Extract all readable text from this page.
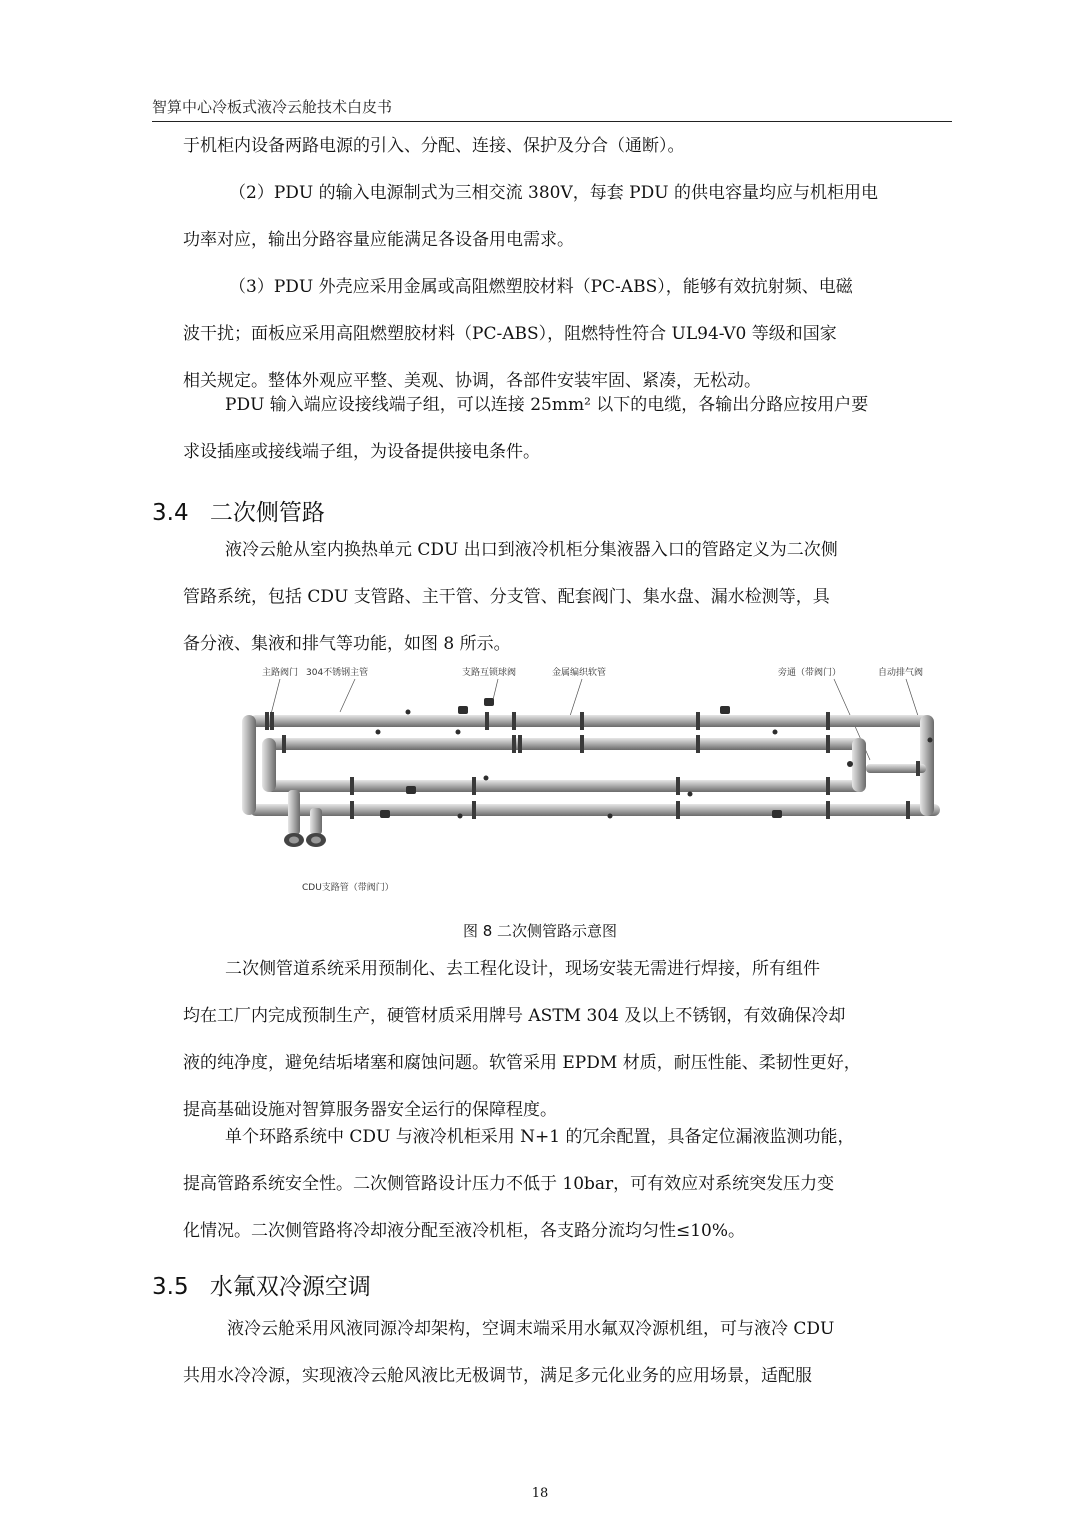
智算中心冷板式液冷云舱技术白皮书

于机柜内设备两路电源的引入、分配、连接、保护及分合（通断）。

（2）PDU 的输入电源制式为三相交流 380V，每套 PDU 的供电容量均应与机柜用电
功率对应，输出分路容量应能满足各设备用电需求。

（3）PDU 外壳应采用金属或高阻燃塑胶材料（PC-ABS），能够有效抗射频、电磁
波干扰；面板应采用高阻燃塑胶材料（PC-ABS），阻燃特性符合 UL94-V0 等级和国家
相关规定。整体外观应平整、美观、协调，各部件安装牢固、紧凑，无松动。

PDU 输入端应设接线端子组，可以连接 25mm² 以下的电缆，各输出分路应按用户要
求设插座或接线端子组，为设备提供接电条件。

3.4 二次侧管路

液冷云舱从室内换热单元 CDU 出口到液冷机柜分集液器入口的管路定义为二次侧
管路系统，包括 CDU 支管路、主干管、分支管、配套阀门、集水盘、漏水检测等，具
备分液、集液和排气等功能，如图 8 所示。

主路阀门 304不锈钢主管	支路互锁球阀	金属编织软管	旁通（带阀门）	自动排气阀
CDU支路管（带阀门）
图 8 二次侧管路示意图

二次侧管道系统采用预制化、去工程化设计，现场安装无需进行焊接，所有组件
均在工厂内完成预制生产，硬管材质采用牌号 ASTM 304 及以上不锈钢，有效确保冷却
液的纯净度，避免结垢堵塞和腐蚀问题。软管采用 EPDM 材质，耐压性能、柔韧性更好，
提高基础设施对智算服务器安全运行的保障程度。

单个环路系统中 CDU 与液冷机柜采用 N+1 的冗余配置，具备定位漏液监测功能，
提高管路系统安全性。二次侧管路设计压力不低于 10bar，可有效应对系统突发压力变
化情况。二次侧管路将冷却液分配至液冷机柜，各支路分流均匀性≤10%。

3.5 水氟双冷源空调

液冷云舱采用风液同源冷却架构，空调末端采用水氟双冷源机组，可与液冷 CDU
共用水冷冷源，实现液冷云舱风液比无极调节，满足多元化业务的应用场景，适配服

18
